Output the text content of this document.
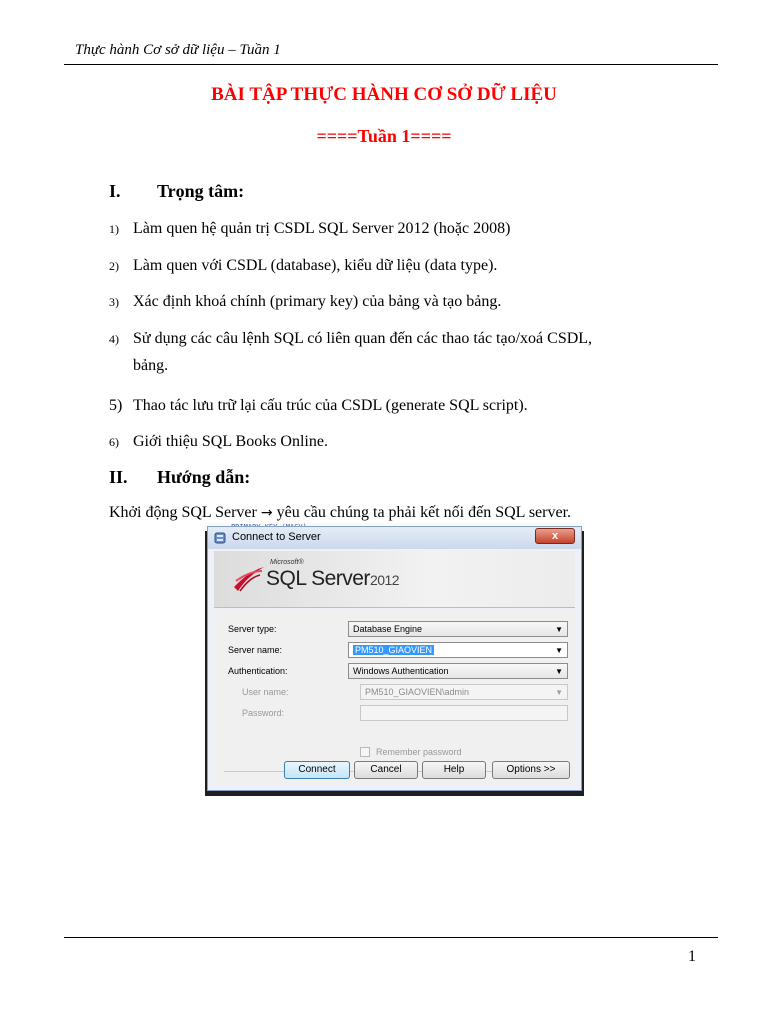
Thực hành Cơ sở dữ liệu – Tuần 1
BÀI TẬP THỰC HÀNH CƠ SỞ DỮ LIỆU
====Tuần 1====
I. Trọng tâm:
1) Làm quen hệ quản trị CSDL SQL Server 2012 (hoặc 2008)
2) Làm quen với CSDL (database), kiểu dữ liệu (data type).
3) Xác định khoá chính (primary key) của bảng và tạo bảng.
4) Sử dụng các câu lệnh SQL có liên quan đến các thao tác tạo/xoá CSDL,
bảng.
5) Thao tác lưu trữ lại cấu trúc của CSDL (generate SQL script).
6) Giới thiệu SQL Books Online.
II. Hướng dẫn:
Khởi động SQL Server → yêu cầu chúng ta phải kết nối đến SQL server.
Connect to Server	x
Microsoft®
SQL Server2012
Server type:	Database Engine	▼
Server name:	PM510_GIAOVIEN	▼
Authentication:	Windows Authentication	▼
User name:	PM510_GIAOVIEN\admin	▼
Password:
Remember password
Connect	Cancel	Help	Options >>
1
